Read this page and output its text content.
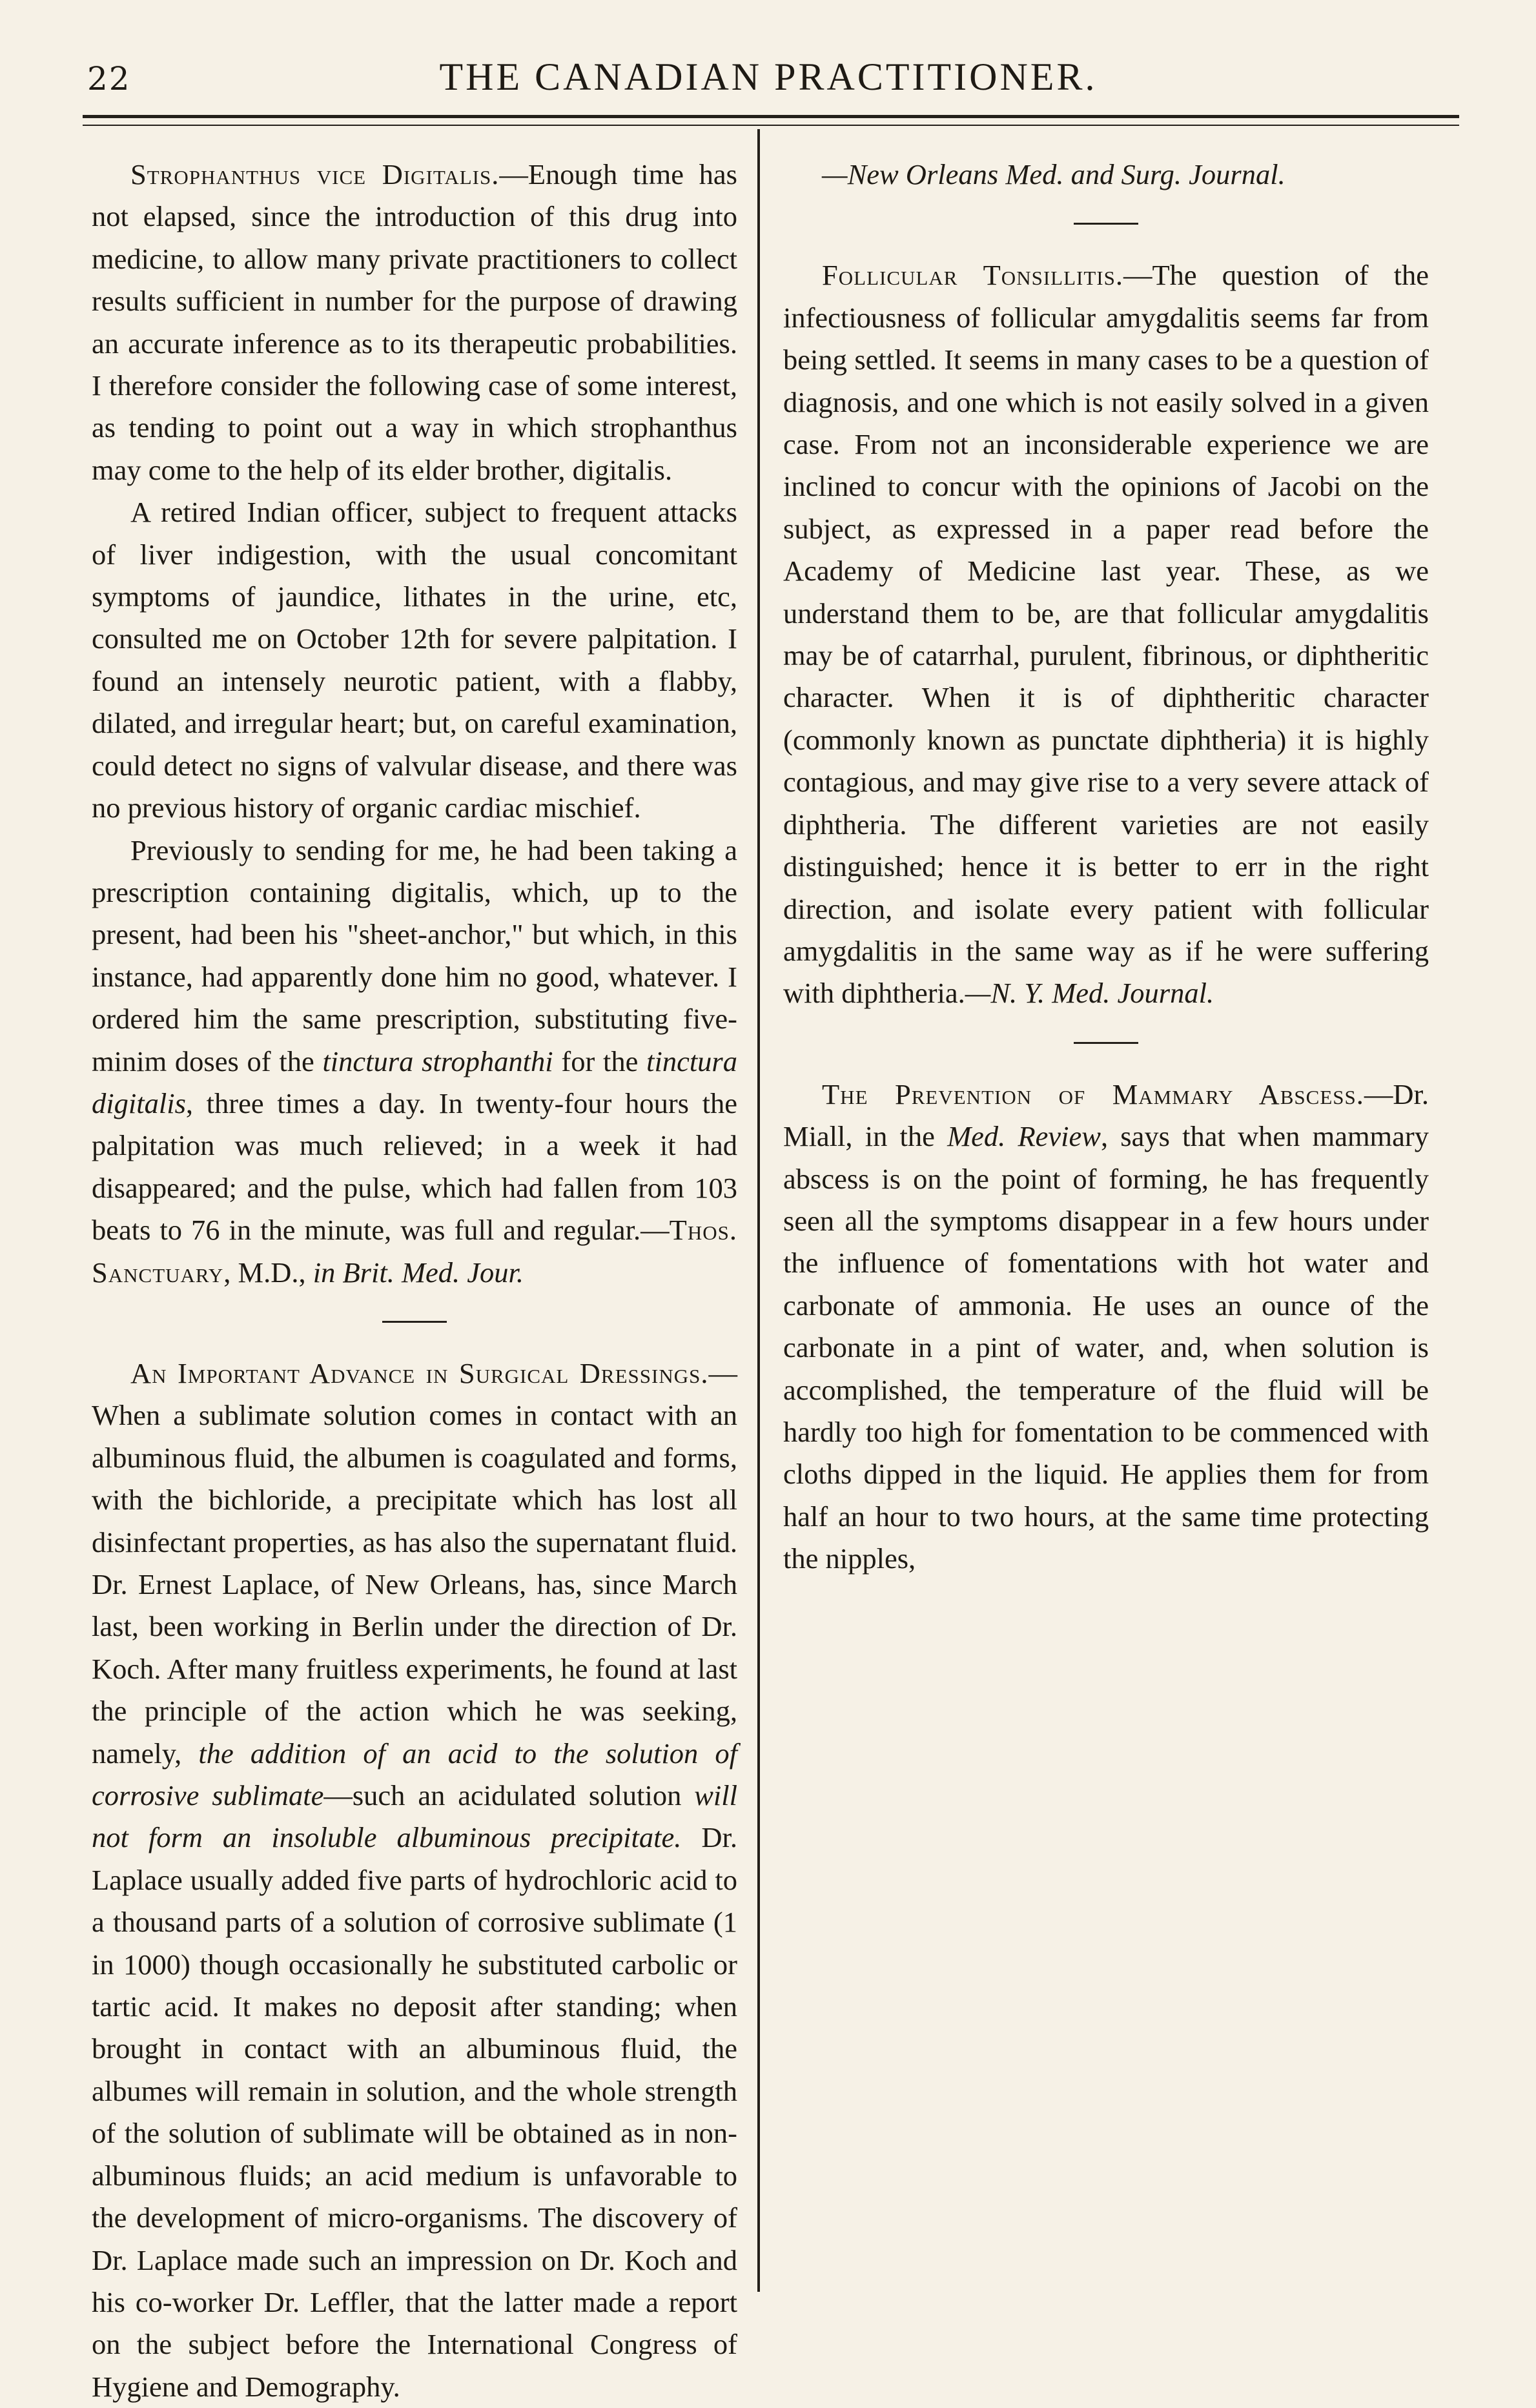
22	THE CANADIAN PRACTITIONER.

Strophanthus vice Digitalis.—Enough time has not elapsed, since the introduction of this drug into medicine, to allow many private practitioners to collect results sufficient in number for the purpose of drawing an accurate inference as to its therapeutic probabilities. I therefore consider the following case of some interest, as tending to point out a way in which strophanthus may come to the help of its elder brother, digitalis.

A retired Indian officer, subject to frequent attacks of liver indigestion, with the usual concomitant symptoms of jaundice, lithates in the urine, etc, consulted me on October 12th for severe palpitation. I found an intensely neurotic patient, with a flabby, dilated, and irregular heart; but, on careful examination, could detect no signs of valvular disease, and there was no previous history of organic cardiac mischief.

Previously to sending for me, he had been taking a prescription containing digitalis, which, up to the present, had been his "sheet-anchor," but which, in this instance, had apparently done him no good, whatever. I ordered him the same prescription, substituting five-minim doses of the tinctura strophanthi for the tinctura digitalis, three times a day. In twenty-four hours the palpitation was much relieved; in a week it had disappeared; and the pulse, which had fallen from 103 beats to 76 in the minute, was full and regular.—Thos. Sanctuary, M.D., in Brit. Med. Jour.

An Important Advance in Surgical Dressings.—When a sublimate solution comes in contact with an albuminous fluid, the albumen is coagulated and forms, with the bichloride, a precipitate which has lost all disinfectant properties, as has also the supernatant fluid. Dr. Ernest Laplace, of New Orleans, has, since March last, been working in Berlin under the direction of Dr. Koch. After many fruitless experiments, he found at last the principle of the action which he was seeking, namely, the addition of an acid to the solution of corrosive sublimate—such an acidulated solution will not form an insoluble albuminous precipitate. Dr. Laplace usually added five parts of hydrochloric acid to a thousand parts of a solution of corrosive sublimate (1 in 1000) though occasionally he substituted carbolic or tartic acid. It makes no deposit after standing; when brought in contact with an albuminous fluid, the albumes will remain in solution, and the whole strength of the solution of sublimate will be obtained as in non-albuminous fluids; an acid medium is unfavorable to the development of micro-organisms. The discovery of Dr. Laplace made such an impression on Dr. Koch and his co-worker Dr. Leffler, that the latter made a report on the subject before the International Congress of Hygiene and Demography.

—New Orleans Med. and Surg. Journal.

Follicular Tonsillitis.—The question of the infectiousness of follicular amygdalitis seems far from being settled. It seems in many cases to be a question of diagnosis, and one which is not easily solved in a given case. From not an inconsiderable experience we are inclined to concur with the opinions of Jacobi on the subject, as expressed in a paper read before the Academy of Medicine last year. These, as we understand them to be, are that follicular amygdalitis may be of catarrhal, purulent, fibrinous, or diphtheritic character. When it is of diphtheritic character (commonly known as punctate diphtheria) it is highly contagious, and may give rise to a very severe attack of diphtheria. The different varieties are not easily distinguished; hence it is better to err in the right direction, and isolate every patient with follicular amygdalitis in the same way as if he were suffering with diphtheria.—N. Y. Med. Journal.

The Prevention of Mammary Abscess.—Dr. Miall, in the Med. Review, says that when mammary abscess is on the point of forming, he has frequently seen all the symptoms disappear in a few hours under the influence of fomentations with hot water and carbonate of ammonia. He uses an ounce of the carbonate in a pint of water, and, when solution is accomplished, the temperature of the fluid will be hardly too high for fomentation to be commenced with cloths dipped in the liquid. He applies them for from half an hour to two hours, at the same time protecting the nipples,
